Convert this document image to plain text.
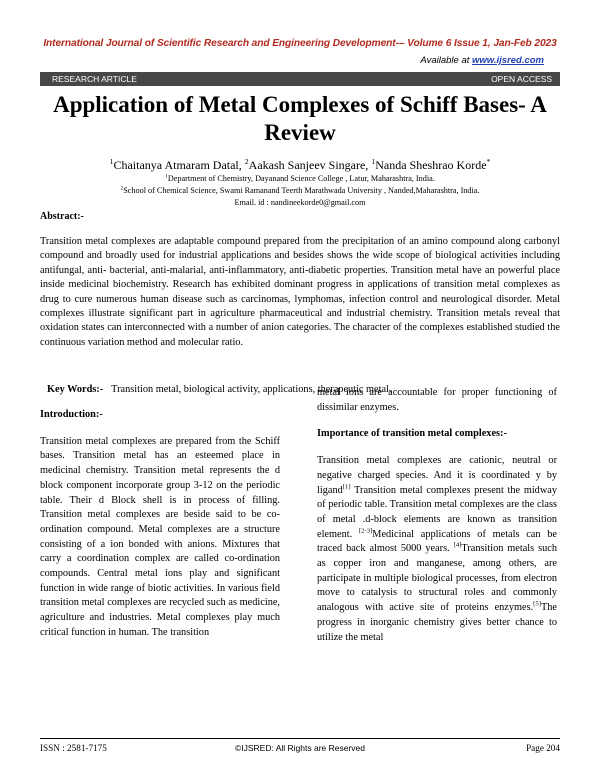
International Journal of Scientific Research and Engineering Development-– Volume 6 Issue 1, Jan-Feb 2023
Available at www.ijsred.com
RESEARCH ARTICLE	OPEN ACCESS
Application of Metal Complexes of Schiff Bases- A Review
$^1$Chaitanya Atmaram Datal, $^2$Aakash Sanjeev Singare, $^1$Nanda Sheshrao Korde*
$^1$Department of Chemistry, Dayanand Science College , Latur, Maharashtra, India.
$^2$School of Chemical Science, Swami Ramanand Teerth Marathwada University , Nanded,Maharashtra, India.
Email. id : nandineekorde0@gmail.com
Abstract:-
Transition metal complexes are adaptable compound prepared from the precipitation of an amino compound along carbonyl compound and broadly used for industrial applications and besides shows the wide scope of biological activities including antifungal, anti- bacterial, anti-malarial, anti-inflammatory, anti-diabetic properties. Transition metal have an powerful place inside medicinal biochemistry. Research has exhibited dominant progress in applications of transition metal complexes as drug to cure numerous human disease such as carcinomas, lymphomas, infection control and neurological disorder. Metal complexes illustrate significant part in agriculture pharmaceutical and industrial chemistry. Transition metals reveal that oxidation states can interconnected with a number of anion categories. The character of the complexes established studied the continuous variation method and molecular ratio.
Key Words:- Transition metal, biological activity, applications, therapeutic metal.

Introduction:-

Transition metal complexes are prepared from the Schiff bases. Transition metal has an esteemed place in medicinal chemistry. Transition metal represents the d block component incorporate group 3-12 on the periodic table. Their d Block shell is in process of filling. Transition metal complexes are beside said to be co-ordination compound. Metal complexes are a structure consisting of a ion bonded with anions. Mixtures that carry a coordination complex are called co-ordination compounds. Central metal ions play and significant function in wide range of biotic activities. In various field transition metal complexes are recycled such as medicine, agriculture and industries. Metal complexes play much critical function in human. The transition

metal ions are accountable for proper functioning of dissimilar enzymes.

Importance of transition metal complexes:-

Transition metal complexes are cationic, neutral or negative charged species. And it is coordinated y by ligand[1] Transition metal complexes present the midway of periodic table. Transition metal complexes are the class of metal .d-block elements are known as transition element. [2-3]Medicinal applications of metals can be traced back almost 5000 years. [4]Transition metals such as copper iron and manganese, among others, are participate in multiple biological processes, from electron move to catalysis to structural roles and commonly analogous with active site of proteins enzymes.[5]The progress in inorganic chemistry gives better chance to utilize the metal

ISSN : 2581-7175	©IJSRED: All Rights are Reserved	Page 204
